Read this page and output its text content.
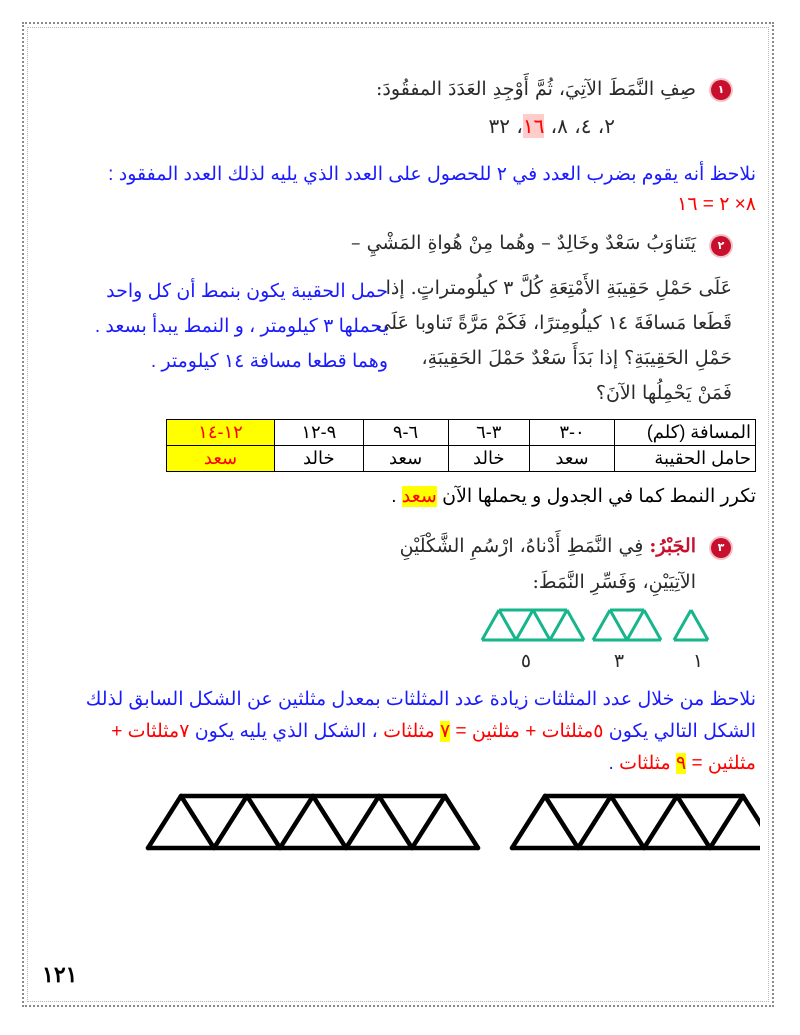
١
صِفِ النَّمَطَ الآتِيَ، ثُمَّ أَوْجِدِ العَدَدَ المفقُودَ:
٢، ٤، ٨، ١٦، ٣٢
نلاحظ أنه يقوم بضرب العدد في ٢ للحصول على العدد الذي يليه لذلك العدد المفقود :
٨× ٢ = ١٦
٢
يَتَناوَبُ سَعْدٌ وخَالِدٌ – وهُما مِنْ هُواةِ المَشْيِ –
عَلَى حَمْلِ حَقِيبَةِ الأَمْتِعَةِ كُلَّ ٣ كيلُومتراتٍ. إذا
قَطَعا مَسافَةَ ١٤ كيلُومِترًا، فَكَمْ مَرَّةً تَناوبا عَلَى
حَمْلِ الحَقِيبَةِ؟ إذا بَدَأَ سَعْدٌ حَمْلَ الحَقِيبَةِ،
فَمَنْ يَحْمِلُها الآنَ؟
حمل الحقيبة يكون بنمط أن كل واحد
يحملها ٣ كيلومتر ، و النمط يبدأ بسعد .
وهما قطعا مسافة ١٤ كيلومتر .
المسافة (كلم)	٠-٣	٣-٦	٦-٩	٩-١٢	١٢-١٤
حامل الحقيبة	سعد	خالد	سعد	خالد	سعد
تكرر النمط كما في الجدول و يحملها الآن سعد .
٣
الجَبْرُ: فِي النَّمَطِ أَدْناهُ، ارْسُمِ الشَّكْلَيْنِ
الآتِيَيْنِ، وَفَسِّرِ النَّمَطَ:
١
٣
٥
نلاحظ من خلال عدد المثلثات زيادة عدد المثلثات بمعدل مثلثين عن الشكل السابق لذلك
الشكل التالي يكون ٥مثلثات + مثلثين = ٧ مثلثات ، الشكل الذي يليه يكون ٧مثلثات +
مثلثين = ٩ مثلثات .
١٢١
